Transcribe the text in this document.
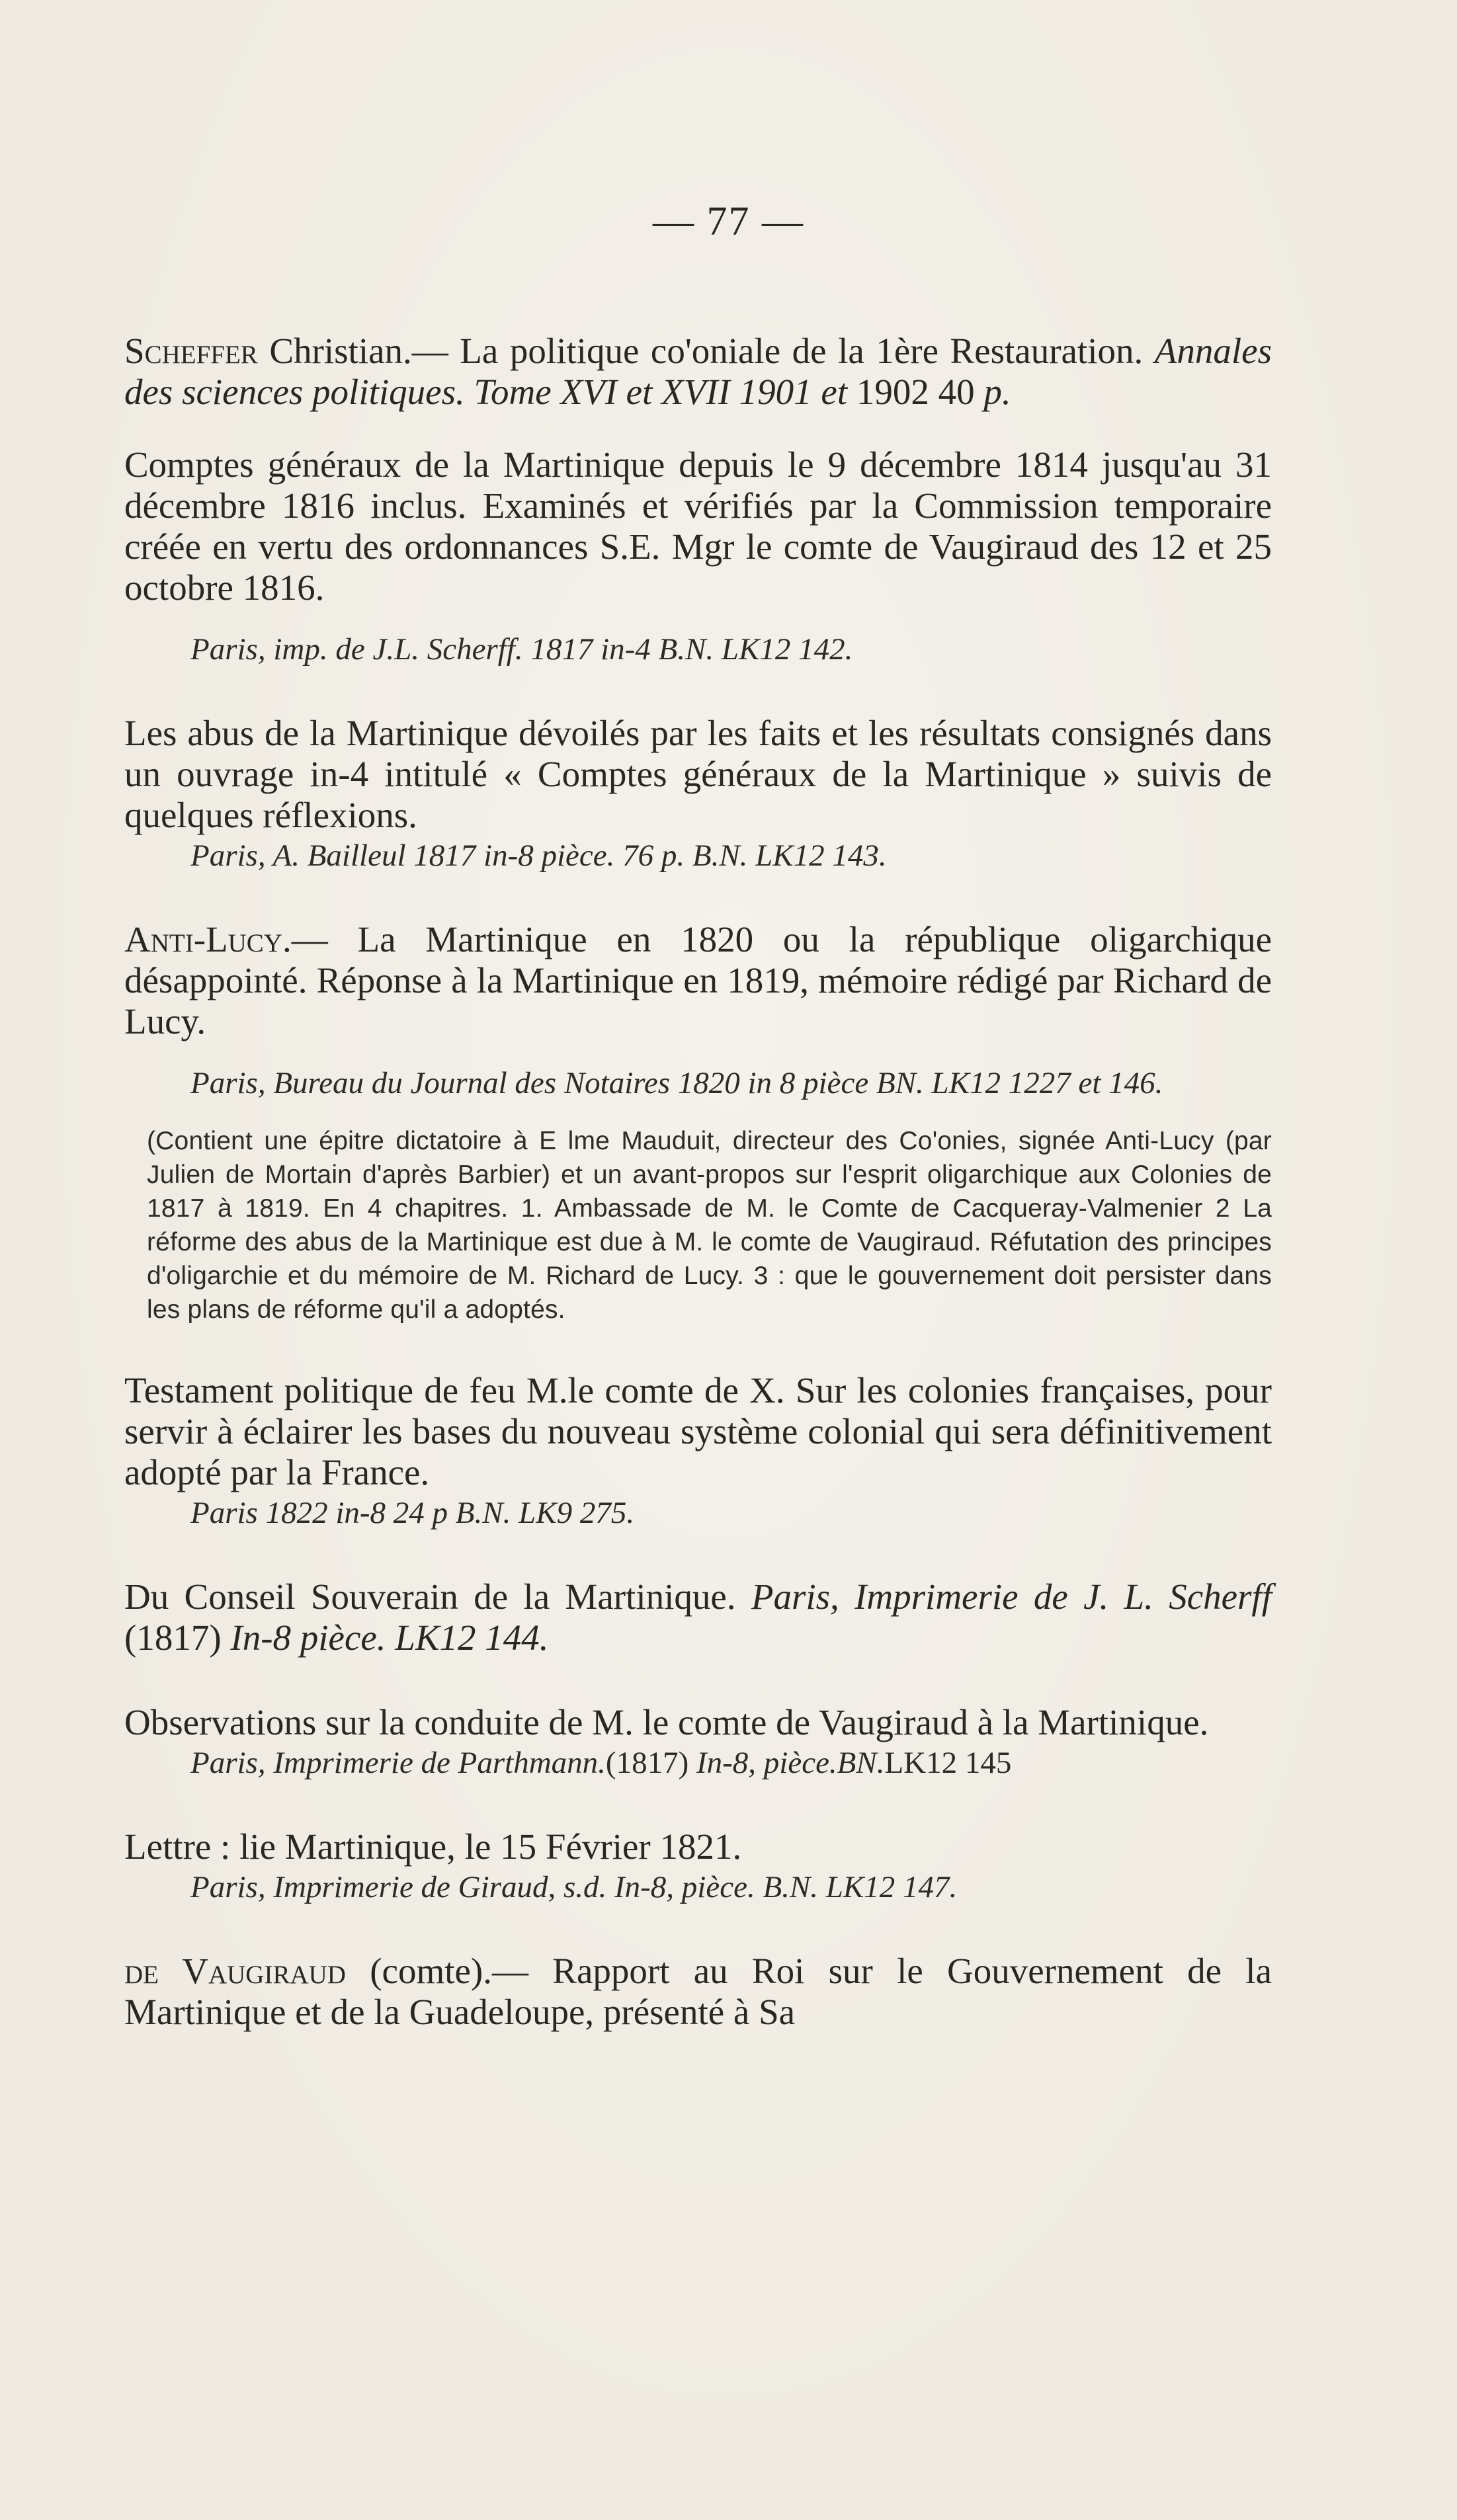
— 77 —

Scheffer Christian.— La politique co'oniale de la 1ère Restauration. Annales des sciences politiques. Tome XVI et XVII 1901 et 1902 40 p.

Comptes généraux de la Martinique depuis le 9 décembre 1814 jusqu'au 31 décembre 1816 inclus. Examinés et vérifiés par la Commission temporaire créée en vertu des ordonnances S.E. Mgr le comte de Vaugiraud des 12 et 25 octobre 1816.

Paris, imp. de J.L. Scherff. 1817 in-4 B.N. LK12 142.

Les abus de la Martinique dévoilés par les faits et les résultats consignés dans un ouvrage in-4 intitulé « Comptes généraux de la Martinique » suivis de quelques réflexions.

Paris, A. Bailleul 1817 in-8 pièce. 76 p. B.N. LK12 143.

Anti-Lucy.— La Martinique en 1820 ou la république oligarchique désappointé. Réponse à la Martinique en 1819, mémoire rédigé par Richard de Lucy.

Paris, Bureau du Journal des Notaires 1820 in 8 pièce BN. LK12 1227 et 146.

(Contient une épitre dictatoire à E lme Mauduit, directeur des Co'onies, signée Anti-Lucy (par Julien de Mortain d'après Barbier) et un avant-propos sur l'esprit oligarchique aux Colonies de 1817 à 1819. En 4 chapitres. 1. Ambassade de M. le Comte de Cacqueray-Valmenier 2 La réforme des abus de la Martinique est due à M. le comte de Vaugiraud. Réfutation des principes d'oligarchie et du mémoire de M. Richard de Lucy. 3 : que le gouvernement doit persister dans les plans de réforme qu'il a adoptés.

Testament politique de feu M.le comte de X. Sur les colonies françaises, pour servir à éclairer les bases du nouveau système colonial qui sera définitivement adopté par la France.

Paris 1822 in-8 24 p B.N. LK9 275.

Du Conseil Souverain de la Martinique. Paris, Imprimerie de J. L. Scherff (1817) In-8 pièce. LK12 144.

Observations sur la conduite de M. le comte de Vaugiraud à la Martinique.

Paris, Imprimerie de Parthmann.(1817) In-8, pièce.BN.LK12 145

Lettre : lie Martinique, le 15 Février 1821.

Paris, Imprimerie de Giraud, s.d. In-8, pièce. B.N. LK12 147.

de Vaugiraud (comte).— Rapport au Roi sur le Gouvernement de la Martinique et de la Guadeloupe, présenté à Sa
